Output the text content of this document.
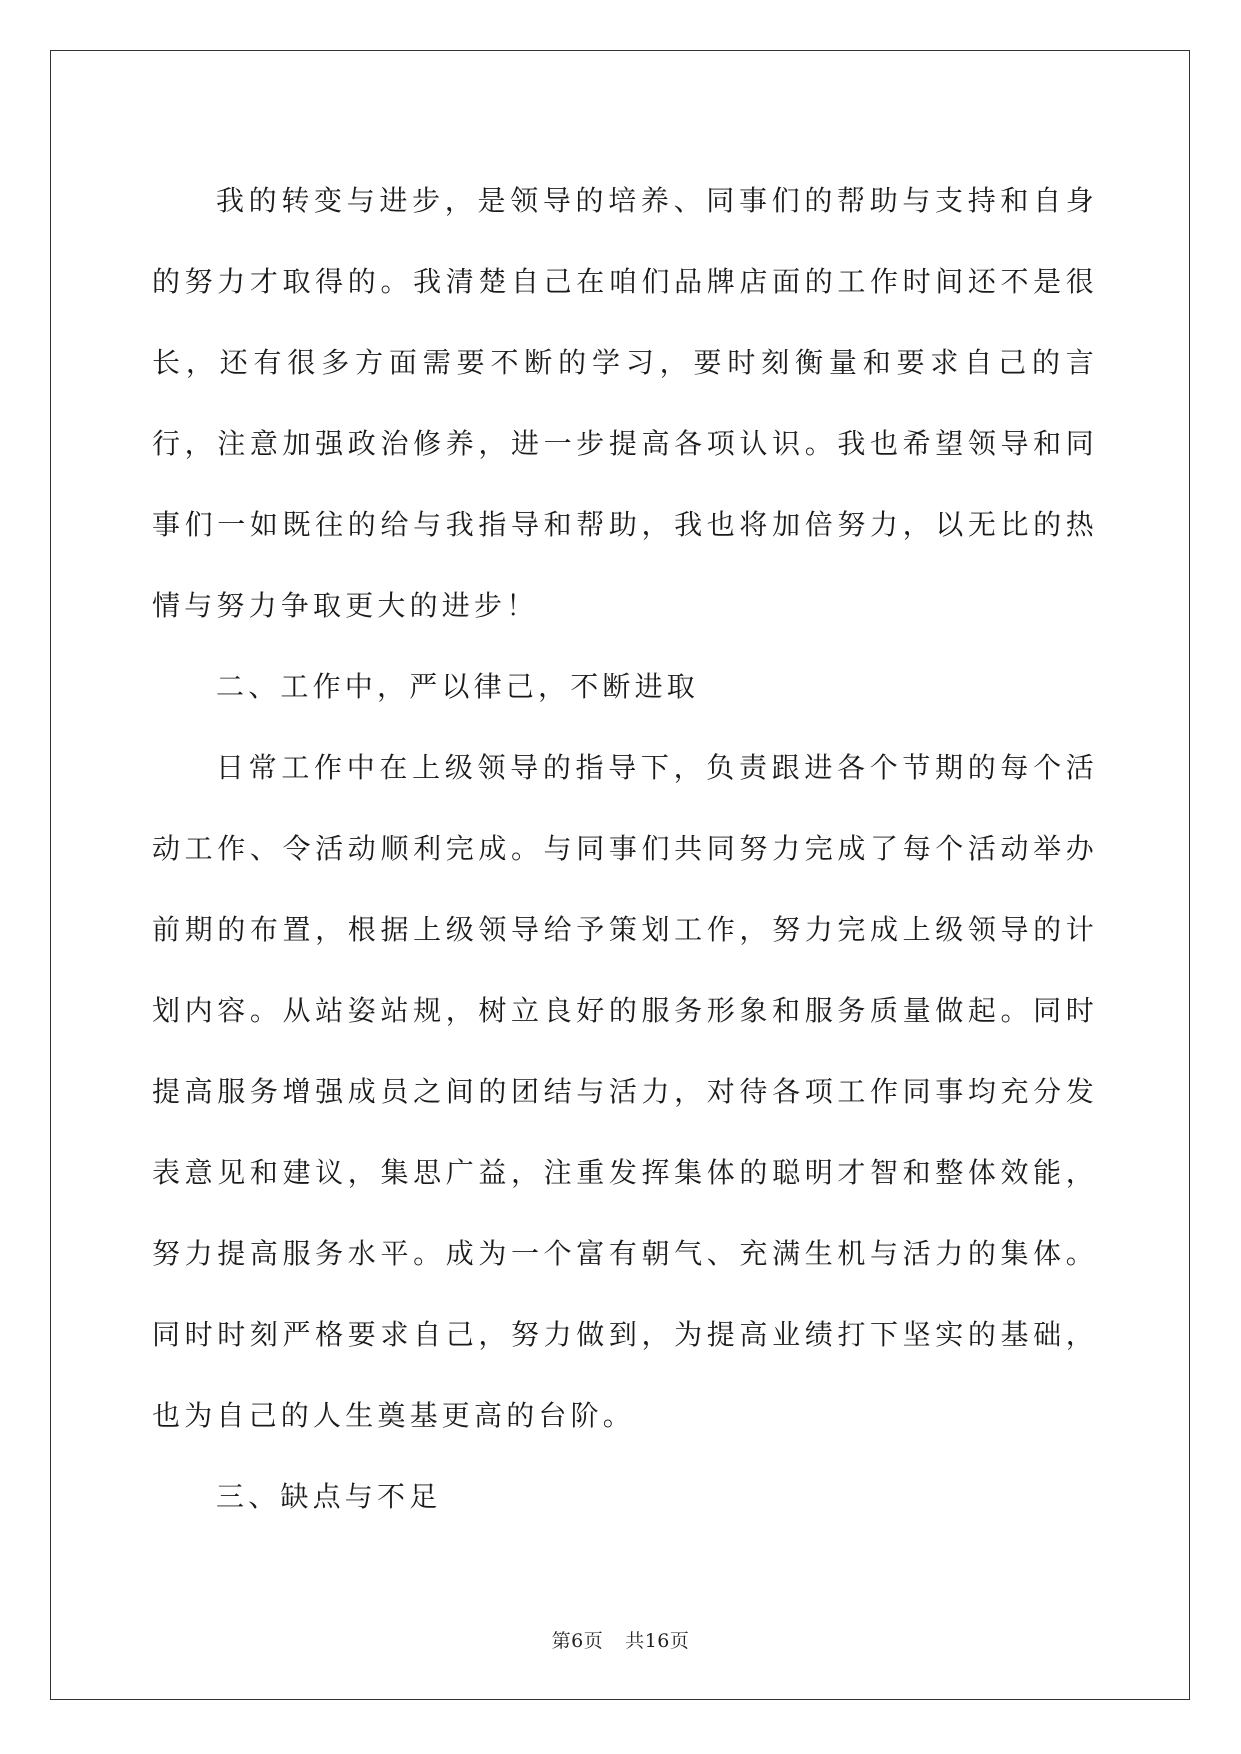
我的转变与进步，是领导的培养、同事们的帮助与支持和自身的努力才取得的。我清楚自己在咱们品牌店面的工作时间还不是很长，还有很多方面需要不断的学习，要时刻衡量和要求自己的言行，注意加强政治修养，进一步提高各项认识。我也希望领导和同事们一如既往的给与我指导和帮助，我也将加倍努力，以无比的热情与努力争取更大的进步！

二、工作中，严以律己，不断进取

日常工作中在上级领导的指导下，负责跟进各个节期的每个活动工作、令活动顺利完成。与同事们共同努力完成了每个活动举办前期的布置，根据上级领导给予策划工作，努力完成上级领导的计划内容。从站姿站规，树立良好的服务形象和服务质量做起。同时提高服务增强成员之间的团结与活力，对待各项工作同事均充分发表意见和建议，集思广益，注重发挥集体的聪明才智和整体效能，努力提高服务水平。成为一个富有朝气、充满生机与活力的集体。同时时刻严格要求自己，努力做到，为提高业绩打下坚实的基础，也为自己的人生奠基更高的台阶。

三、缺点与不足

第6页 共16页
